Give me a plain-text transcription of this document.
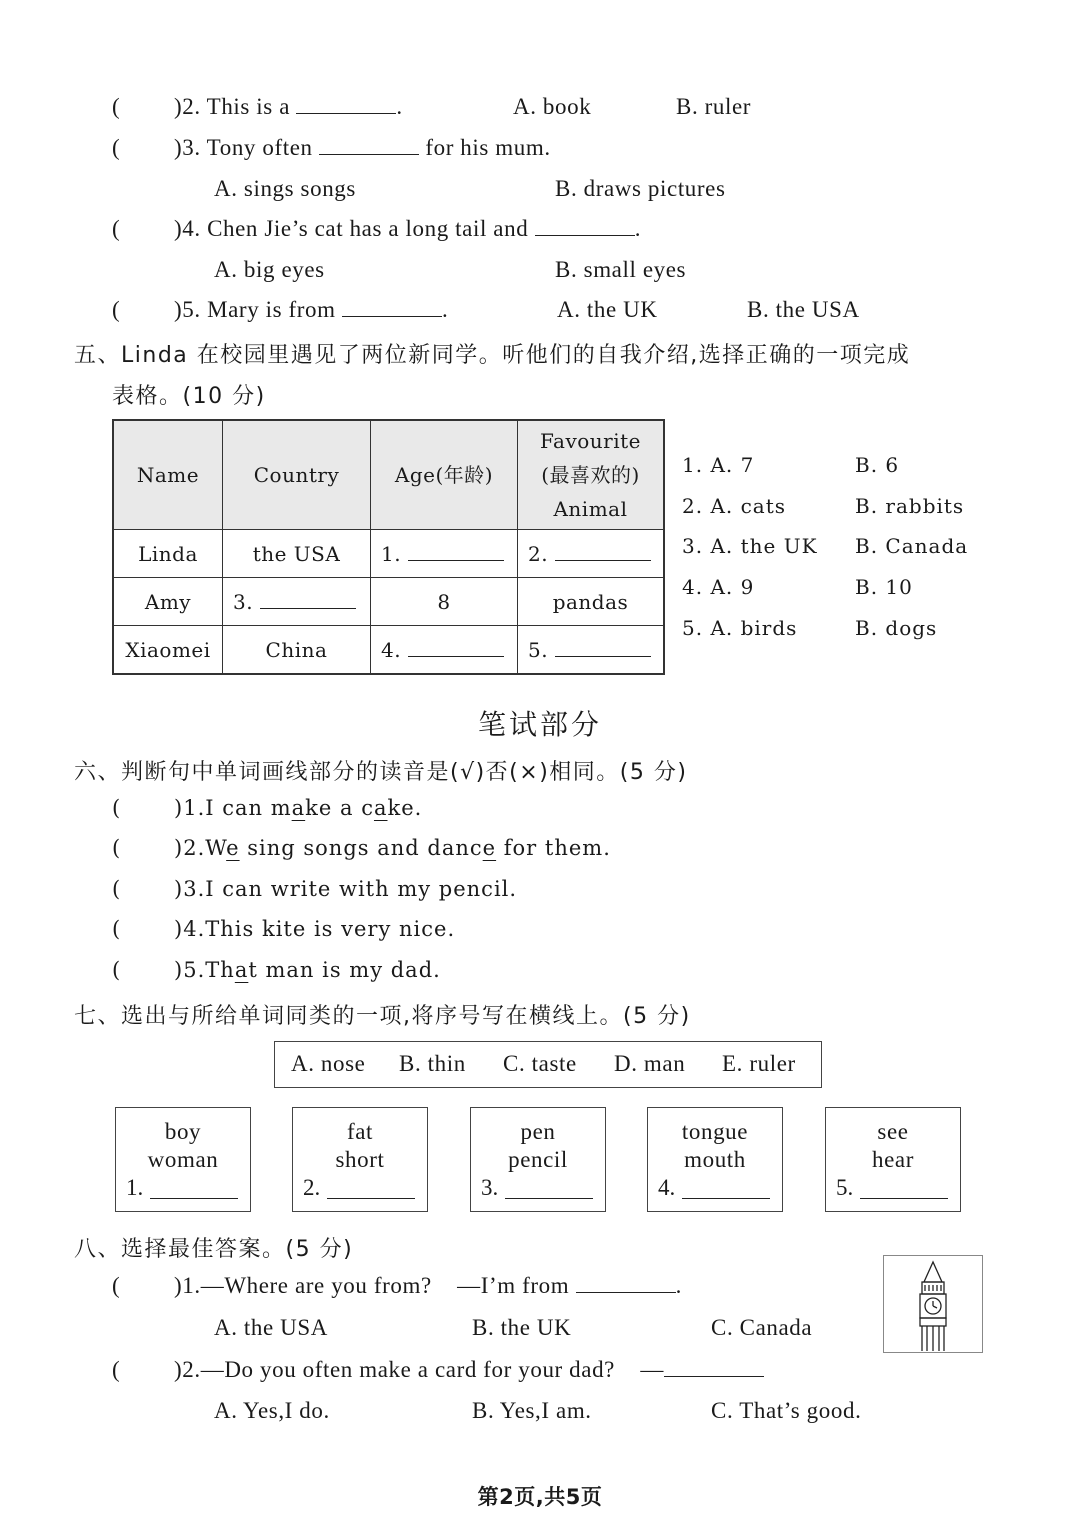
( )2. This is a	.	A. book	B. ruler
( )3. Tony often	for his mum.
A. sings songs	B. draws pictures
( )4. Chen Jie’s cat has a long tail and	.
A. big eyes	B. small eyes
( )5. Mary is from	.	A. the UK	B. the USA
五、Linda 在校园里遇见了两位新同学。听他们的自我介绍,选择正确的一项完成
表格。(10 分)
Name	Country	Age(年龄)	Favourite
(最喜欢的)
Animal

Linda	the USA	1.	2.
Amy	3.	8	pandas
Xiaomei	China	4.	5.
1. A. 7	B. 6
2. A. cats	B. rabbits
3. A. the UK B. Canada
4. A. 9	B. 10
5. A. birds	B. dogs
笔试部分
六、判断句中单词画线部分的读音是(√)否(×)相同。(5 分)
(	)1.I can make a cake.
(	)2.We sing songs and dance for them.
(	)3.I can write with my pencil.
(	)4.This kite is very nice.
(	)5.That man is my dad.
七、选出与所给单词同类的一项,将序号写在横线上。(5 分)
A. nose B. thin C. taste D. man E. ruler
boy
woman
1.
fat
short
2.
pen
pencil
3.
tongue
mouth
4.
see
hear
5.
八、选择最佳答案。(5 分)
( )1.—Where are you from? —I’m from	.
A. the USA	B. the UK	C. Canada
( )2.—Do you often make a card for your dad? —
A. Yes,I do.	B. Yes,I am.	C. That’s good.
第2页,共5页
